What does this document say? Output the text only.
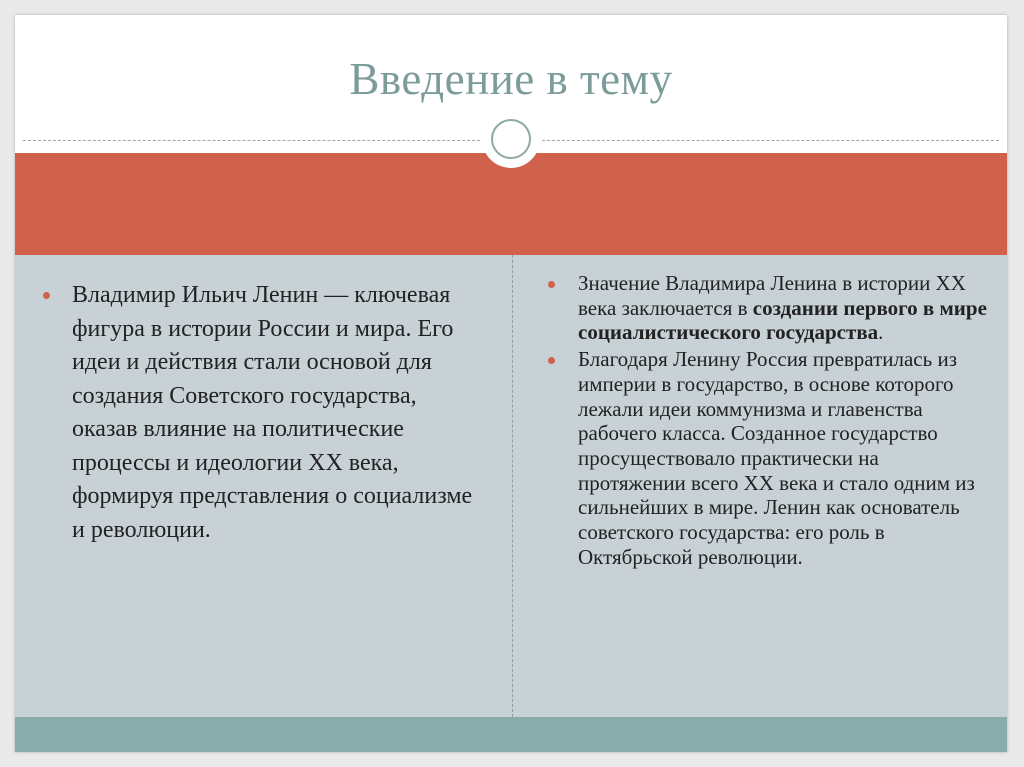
Введение в тему
Владимир Ильич Ленин — ключевая фигура в истории России и мира. Его идеи и действия стали основой для создания Советского государства, оказав влияние на политические процессы и идеологии XX века, формируя представления о социализме и революции.
Значение Владимира Ленина в истории XX века заключается в создании первого в мире социалистического государства.
Благодаря Ленину Россия превратилась из империи в государство, в основе которого лежали идеи коммунизма и главенства рабочего класса. Созданное государство просуществовало практически на протяжении всего XX века и стало одним из сильнейших в мире. Ленин как основатель советского государства: его роль в Октябрьской революции.
